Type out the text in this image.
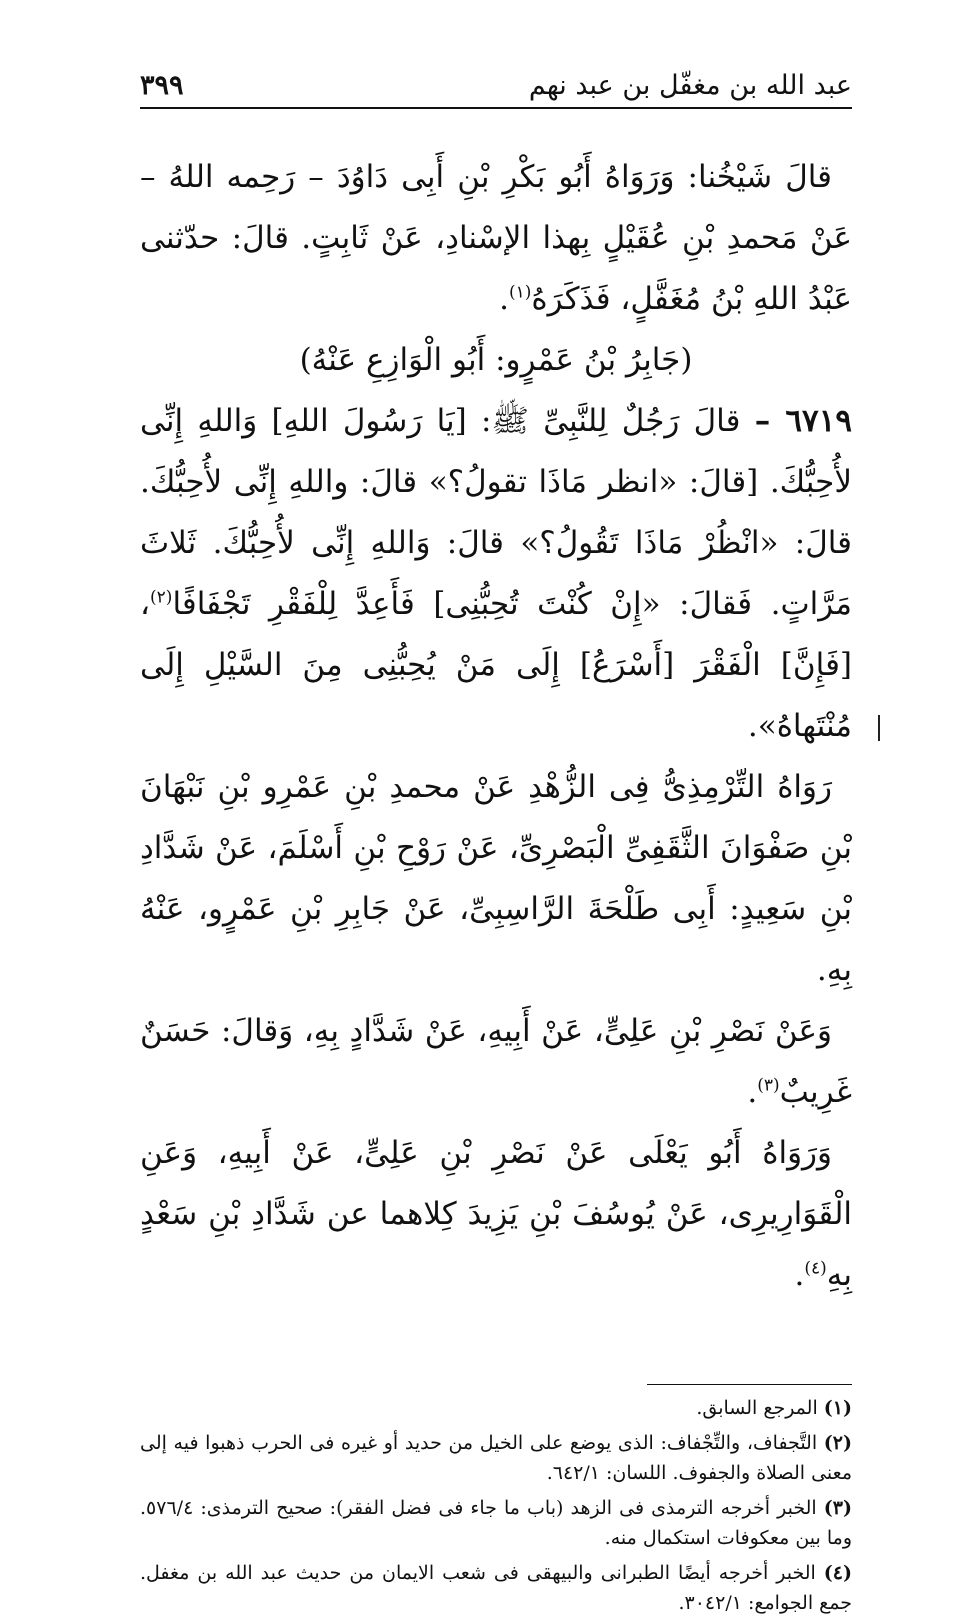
عبد الله بن مغفّل بن عبد نهم
٣٩٩

قالَ شَيْخُنا: وَرَوَاهُ أَبُو بَكْرِ بْنِ أَبِى دَاوُدَ – رَحِمه اللهُ – عَنْ مَحمدِ بْنِ عُقَيْلٍ بِهذا الإسْنادِ، عَنْ ثَابِتٍ. قالَ: حدّثنى عَبْدُ اللهِ بْنُ مُغَفَّلٍ، فَذَكَرَهُ$^{(١)}$.

(جَابِرُ بْنُ عَمْرٍو: أَبُو الْوَازِعِ عَنْهُ)

٦٧١٩ – قالَ رَجُلٌ لِلنَّبِىِّ ﷺ: [يَا رَسُولَ اللهِ] وَاللهِ إِنِّى لأُحِبُّكَ. [قالَ: «انظر مَاذَا تقولُ؟» قالَ: واللهِ إِنِّى لأُحِبُّكَ. قالَ: «انْظُرْ مَاذَا تَقُولُ؟» قالَ: وَاللهِ إِنِّى لأُحِبُّكَ. ثَلاثَ مَرَّاتٍ. فَقالَ: «إِنْ كُنْتَ تُحِبُّنِى] فَأَعِدَّ لِلْفَقْرِ تَجْفَافًا$^{(٢)}$، [فَإِنَّ] الْفَقْرَ [أَسْرَعُ] إِلَى مَنْ يُحِبُّنِى مِنَ السَّيْلِ إِلَى مُنْتَهاهُ».

رَوَاهُ التِّرْمِذِىُّ فِى الزُّهْدِ عَنْ محمدِ بْنِ عَمْرِو بْنِ نَبْهَانَ بْنِ صَفْوَانَ الثَّقَفِىِّ الْبَصْرِىِّ، عَنْ رَوْحِ بْنِ أَسْلَمَ، عَنْ شَدَّادِ بْنِ سَعِيدٍ: أَبِى طَلْحَةَ الرَّاسِبِىِّ، عَنْ جَابِرِ بْنِ عَمْرٍو، عَنْهُ بِهِ.

وَعَنْ نَصْرِ بْنِ عَلِىٍّ، عَنْ أَبِيهِ، عَنْ شَدَّادٍ بِهِ، وَقالَ: حَسَنٌ غَرِيبٌ$^{(٣)}$.

وَرَوَاهُ أَبُو يَعْلَى عَنْ نَصْرِ بْنِ عَلِىٍّ، عَنْ أَبِيهِ، وَعَنِ الْقَوَارِيرِى، عَنْ يُوسُفَ بْنِ يَزِيدَ كِلاهما عن شَدَّادِ بْنِ سَعْدٍ بِهِ$^{(٤)}$.

(١) المرجع السابق.

(٢) التَّجفاف، والتِّجْفاف: الذى يوضع على الخيل من حديد أو غيره فى الحرب ذهبوا فيه إلى معنى الصلاة والجفوف. اللسان: ٦٤٢/١.

(٣) الخبر أخرجه الترمذى فى الزهد (باب ما جاء فى فضل الفقر): صحيح الترمذى: ٥٧٦/٤. وما بين معكوفات استكمال منه.

(٤) الخبر أخرجه أيضًا الطبرانى والبيهقى فى شعب الايمان من حديث عبد الله بن مغفل. جمع الجوامع: ٣٠٤٢/١.
